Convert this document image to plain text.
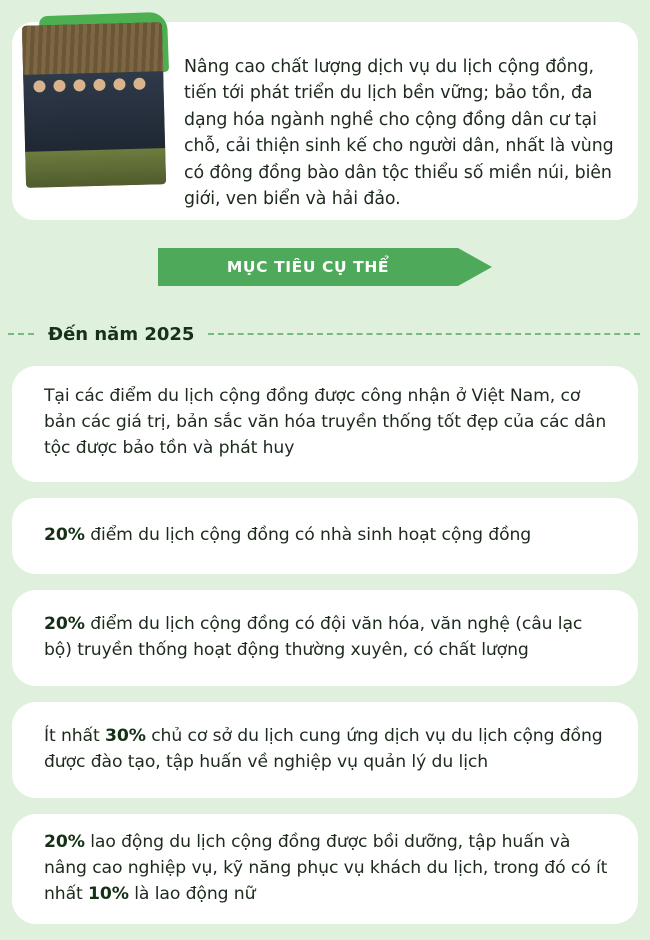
Nâng cao chất lượng dịch vụ du lịch cộng đồng, tiến tới phát triển du lịch bền vững; bảo tồn, đa dạng hóa ngành nghề cho cộng đồng dân cư tại chỗ, cải thiện sinh kế cho người dân, nhất là vùng có đông đồng bào dân tộc thiểu số miền núi, biên giới, ven biển và hải đảo.
MỤC TIÊU CỤ THỂ
Đến năm 2025
Tại các điểm du lịch cộng đồng được công nhận ở Việt Nam, cơ bản các giá trị, bản sắc văn hóa truyền thống tốt đẹp của các dân tộc được bảo tồn và phát huy
20% điểm du lịch cộng đồng có nhà sinh hoạt cộng đồng
20% điểm du lịch cộng đồng có đội văn hóa, văn nghệ (câu lạc bộ) truyền thống hoạt động thường xuyên, có chất lượng
Ít nhất 30% chủ cơ sở du lịch cung ứng dịch vụ du lịch cộng đồng được đào tạo, tập huấn về nghiệp vụ quản lý du lịch
20% lao động du lịch cộng đồng được bồi dưỡng, tập huấn và nâng cao nghiệp vụ, kỹ năng phục vụ khách du lịch, trong đó có ít nhất 10% là lao động nữ
